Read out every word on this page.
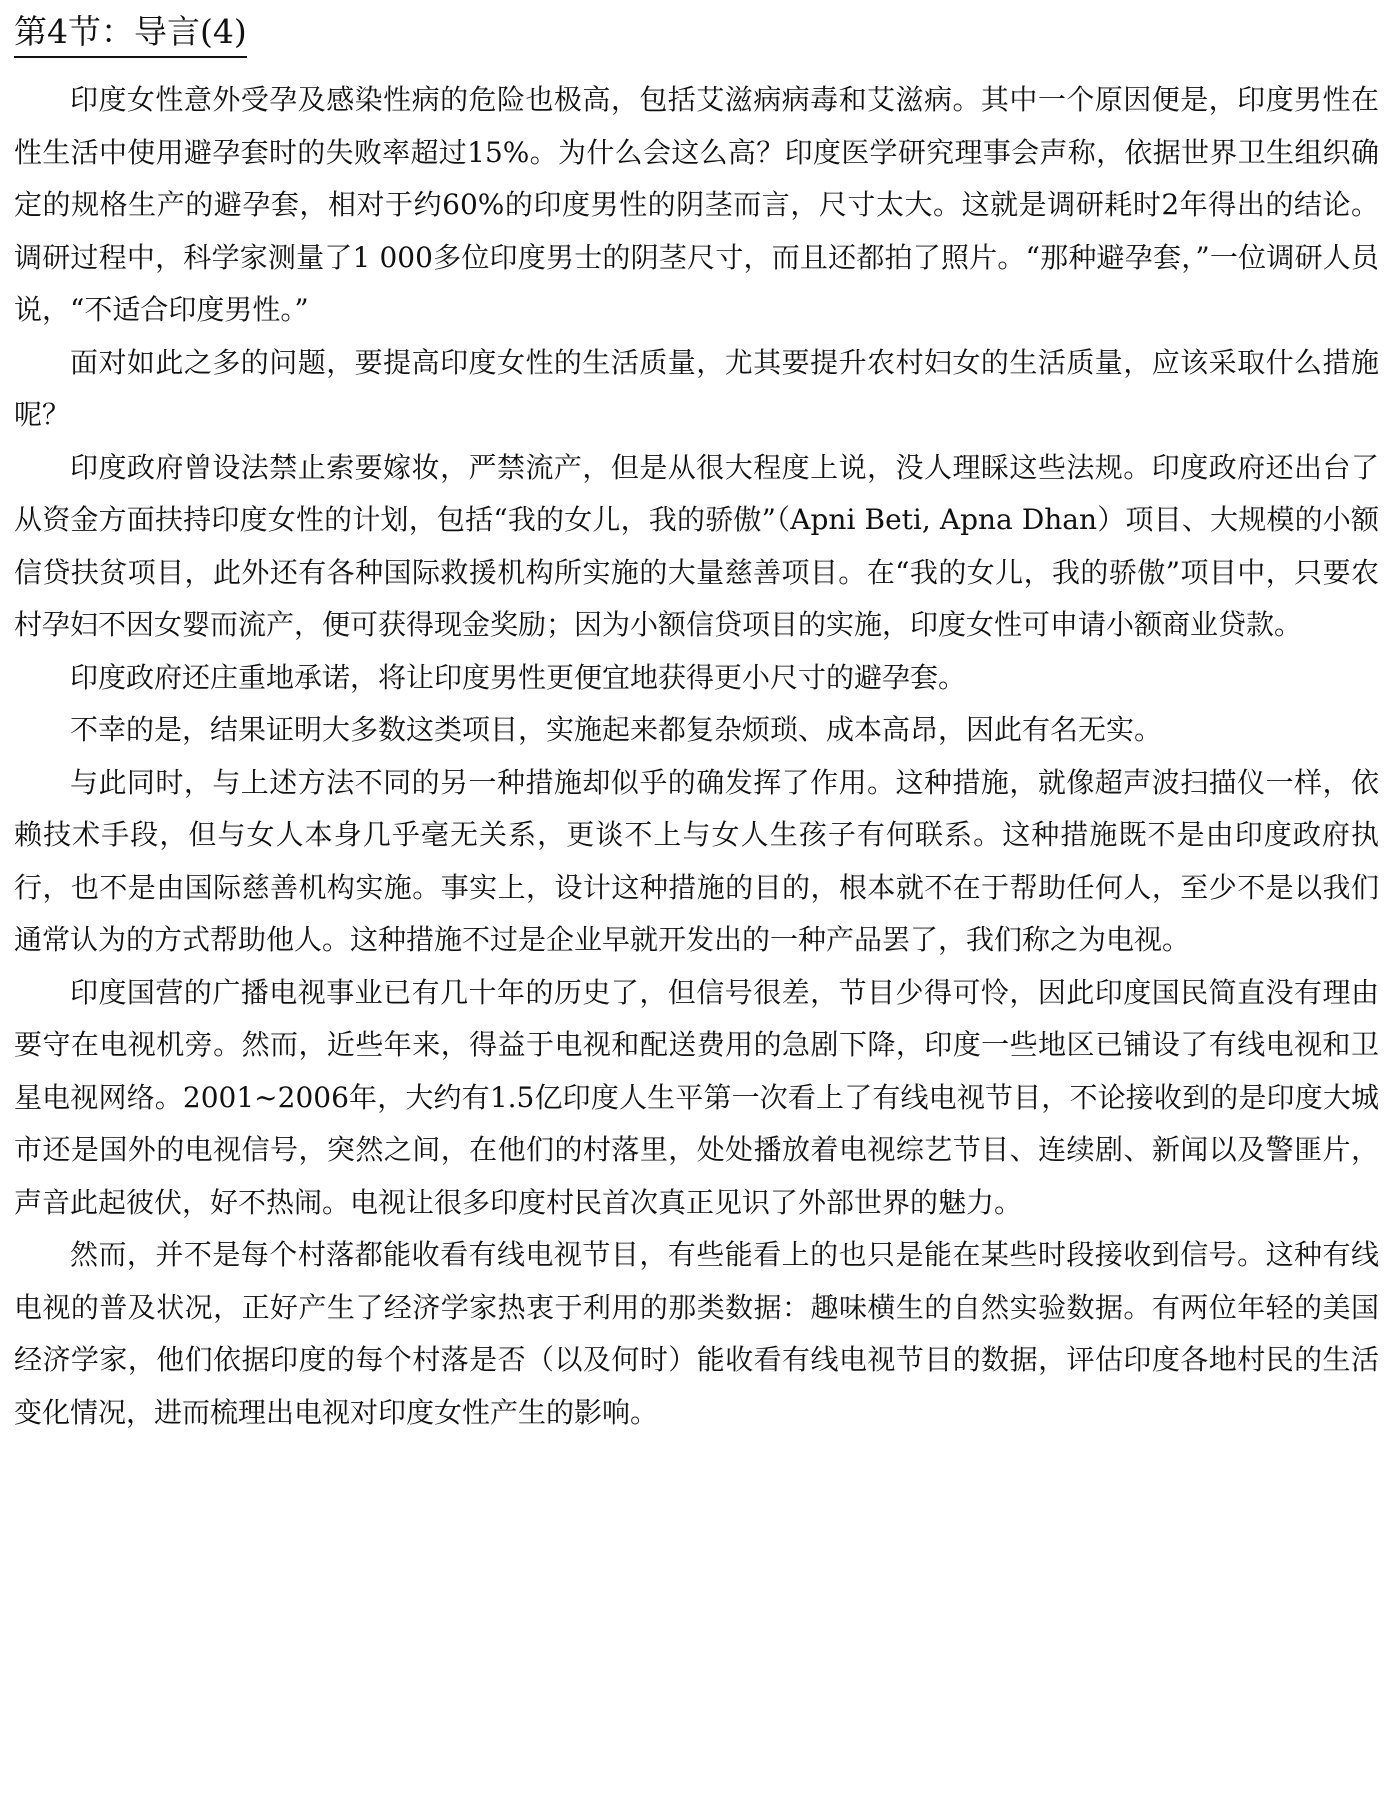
第4节：导言(4)

印度女性意外受孕及感染性病的危险也极高，包括艾滋病病毒和艾滋病。其中一个原因便是，印度男性在性生活中使用避孕套时的失败率超过15%。为什么会这么高？印度医学研究理事会声称，依据世界卫生组织确定的规格生产的避孕套，相对于约60%的印度男性的阴茎而言，尺寸太大。这就是调研耗时2年得出的结论。调研过程中，科学家测量了1 000多位印度男士的阴茎尺寸，而且还都拍了照片。“那种避孕套，”一位调研人员说，“不适合印度男性。”

面对如此之多的问题，要提高印度女性的生活质量，尤其要提升农村妇女的生活质量，应该采取什么措施呢？

印度政府曾设法禁止索要嫁妆，严禁流产，但是从很大程度上说，没人理睬这些法规。印度政府还出台了从资金方面扶持印度女性的计划，包括“我的女儿，我的骄傲”（Apni Beti, Apna Dhan）项目、大规模的小额信贷扶贫项目，此外还有各种国际救援机构所实施的大量慈善项目。在“我的女儿，我的骄傲”项目中，只要农村孕妇不因女婴而流产，便可获得现金奖励；因为小额信贷项目的实施，印度女性可申请小额商业贷款。

印度政府还庄重地承诺，将让印度男性更便宜地获得更小尺寸的避孕套。

不幸的是，结果证明大多数这类项目，实施起来都复杂烦琐、成本高昂，因此有名无实。

与此同时，与上述方法不同的另一种措施却似乎的确发挥了作用。这种措施，就像超声波扫描仪一样，依赖技术手段，但与女人本身几乎毫无关系，更谈不上与女人生孩子有何联系。这种措施既不是由印度政府执行，也不是由国际慈善机构实施。事实上，设计这种措施的目的，根本就不在于帮助任何人，至少不是以我们通常认为的方式帮助他人。这种措施不过是企业早就开发出的一种产品罢了，我们称之为电视。

印度国营的广播电视事业已有几十年的历史了，但信号很差，节目少得可怜，因此印度国民简直没有理由要守在电视机旁。然而，近些年来，得益于电视和配送费用的急剧下降，印度一些地区已铺设了有线电视和卫星电视网络。2001~2006年，大约有1.5亿印度人生平第一次看上了有线电视节目，不论接收到的是印度大城市还是国外的电视信号，突然之间，在他们的村落里，处处播放着电视综艺节目、连续剧、新闻以及警匪片，声音此起彼伏，好不热闹。电视让很多印度村民首次真正见识了外部世界的魅力。

然而，并不是每个村落都能收看有线电视节目，有些能看上的也只是能在某些时段接收到信号。这种有线电视的普及状况，正好产生了经济学家热衷于利用的那类数据：趣味横生的自然实验数据。有两位年轻的美国经济学家，他们依据印度的每个村落是否（以及何时）能收看有线电视节目的数据，评估印度各地村民的生活变化情况，进而梳理出电视对印度女性产生的影响。
